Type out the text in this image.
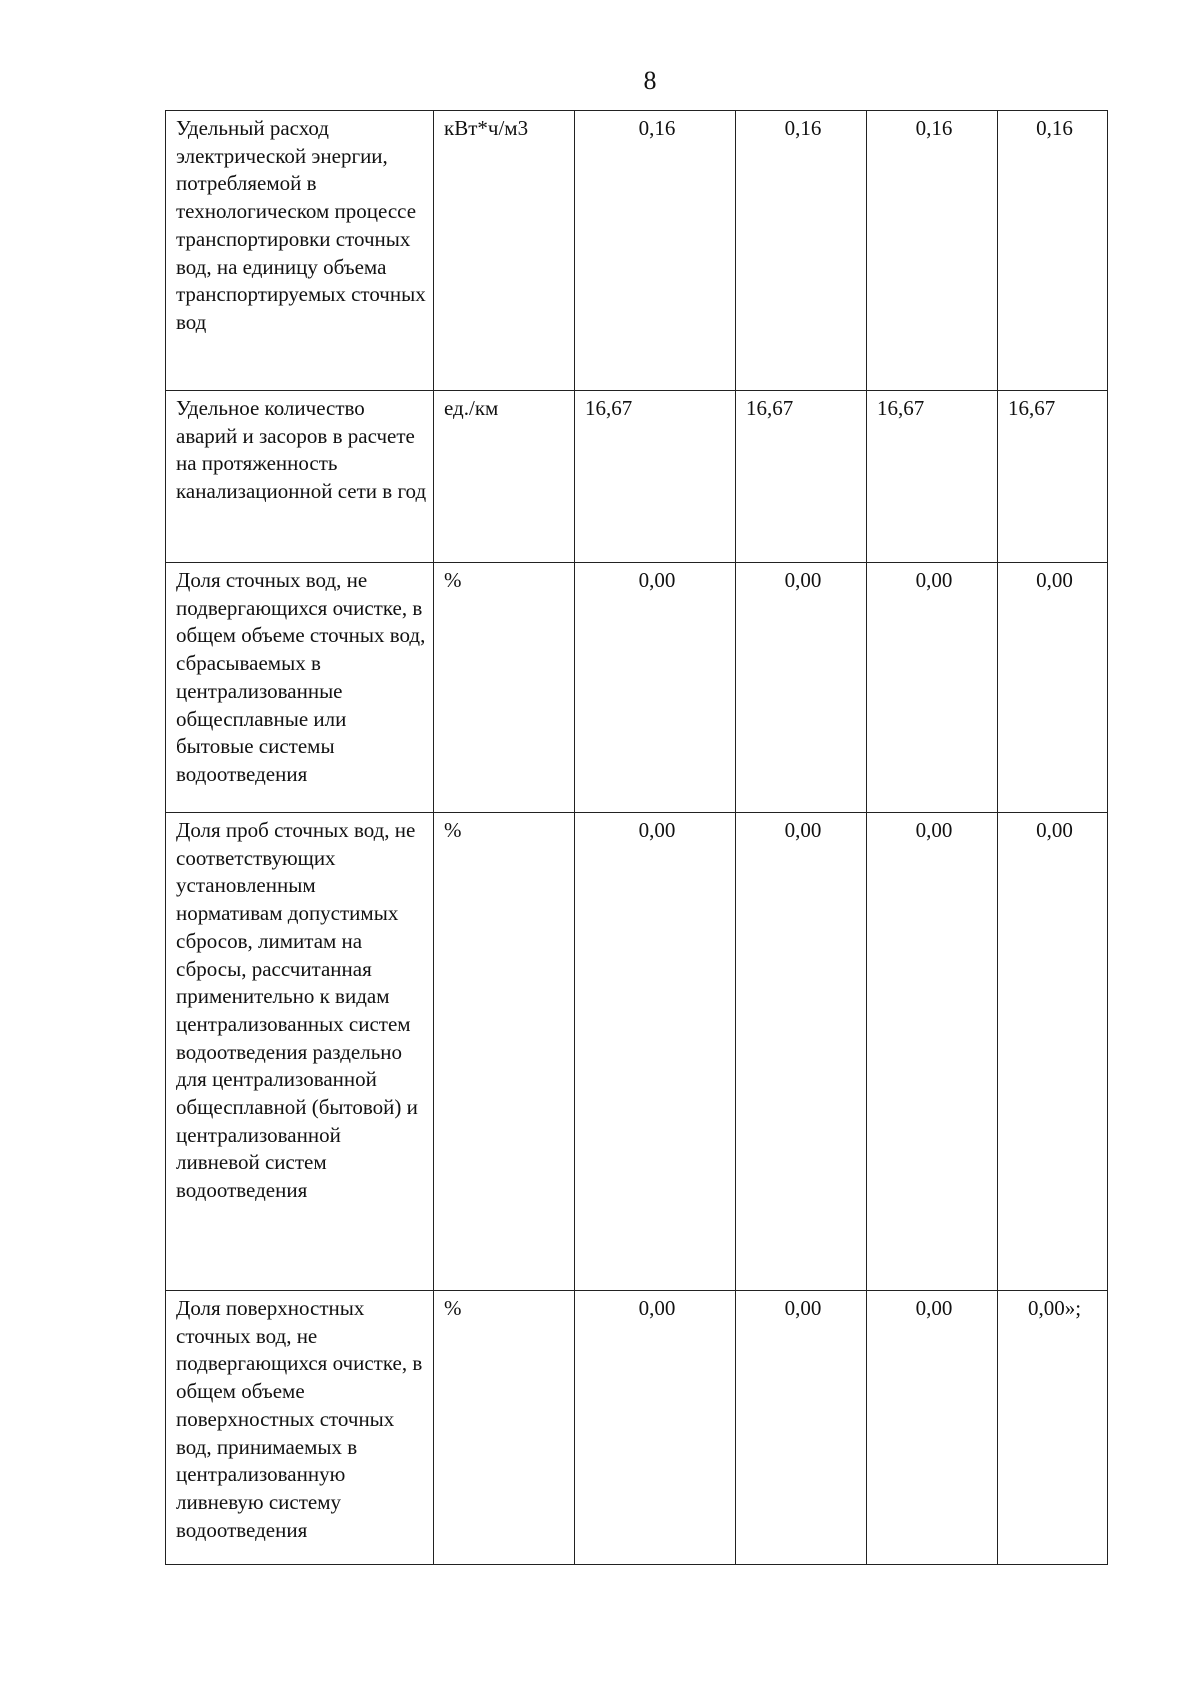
8
Удельный расход электрической энергии, потребляемой в технологическом процессе транспортировки сточных вод, на единицу объема транспортируемых сточных вод	кВт*ч/м3	0,16	0,16	0,16	0,16
Удельное количество аварий и засоров в расчете на протяженность канализационной сети в год	ед./км	16,67	16,67	16,67	16,67
Доля сточных вод, не подвергающихся очистке, в общем объеме сточных вод, сбрасываемых в централизованные общесплавные или бытовые системы водоотведения	%	0,00	0,00	0,00	0,00
Доля проб сточных вод, не соответствующих установленным нормативам допустимых сбросов, лимитам на сбросы, рассчитанная применительно к видам централизованных систем водоотведения раздельно для централизованной общесплавной (бытовой) и централизованной ливневой систем водоотведения	%	0,00	0,00	0,00	0,00
Доля поверхностных сточных вод, не подвергающихся очистке, в общем объеме поверхностных сточных вод, принимаемых в централизованную ливневую систему водоотведения	%	0,00	0,00	0,00	0,00»;
